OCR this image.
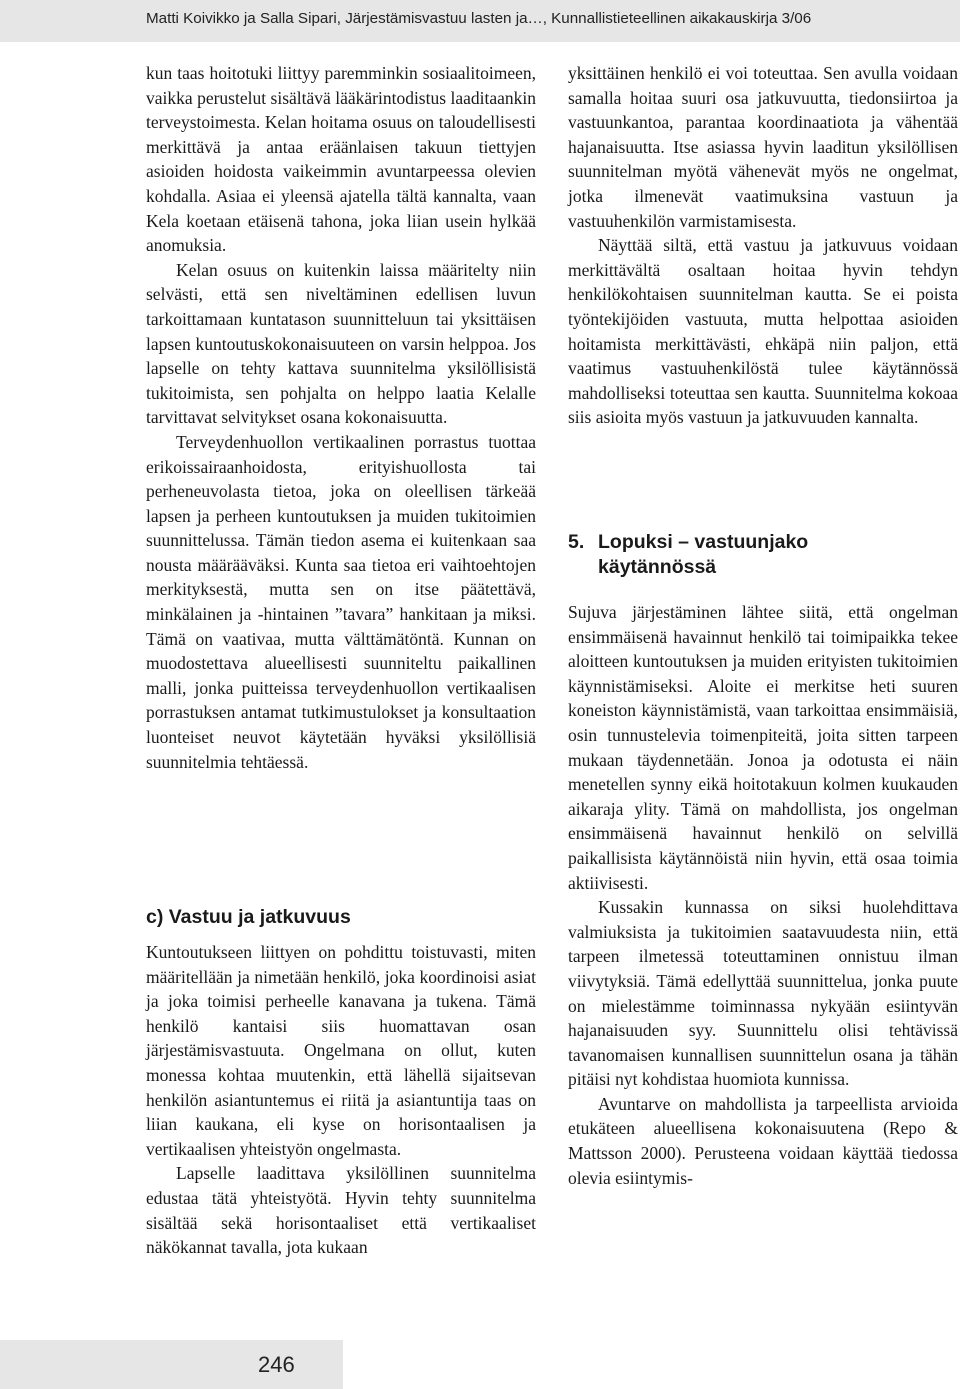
Matti Koivikko ja Salla Sipari, Järjestämisvastuu lasten ja…, Kunnallistieteellinen aikakauskirja 3/06

kun taas hoitotuki liittyy paremminkin sosiaalitoimeen, vaikka perustelut sisältävä lääkärintodistus laaditaankin terveystoimesta. Kelan hoitama osuus on taloudellisesti merkittävä ja antaa eräänlaisen takuun tiettyjen asioiden hoidosta vaikeimmin avuntarpeessa olevien kohdalla. Asiaa ei yleensä ajatella tältä kannalta, vaan Kela koetaan etäisenä tahona, joka liian usein hylkää anomuksia.

Kelan osuus on kuitenkin laissa määritelty niin selvästi, että sen niveltäminen edellisen luvun tarkoittamaan kuntatason suunnitteluun tai yksittäisen lapsen kuntoutuskokonaisuuteen on varsin helppoa. Jos lapselle on tehty kattava suunnitelma yksilöllisistä tukitoimista, sen pohjalta on helppo laatia Kelalle tarvittavat selvitykset osana kokonaisuutta.

Terveydenhuollon vertikaalinen porrastus tuottaa erikoissairaanhoidosta, erityishuollosta tai perheneuvolasta tietoa, joka on oleellisen tärkeää lapsen ja perheen kuntoutuksen ja muiden tukitoimien suunnittelussa. Tämän tiedon asema ei kuitenkaan saa nousta määrääväksi. Kunta saa tietoa eri vaihtoehtojen merkityksestä, mutta sen on itse päätettävä, minkälainen ja -hintainen ”tavara” hankitaan ja miksi. Tämä on vaativaa, mutta välttämätöntä. Kunnan on muodostettava alueellisesti suunniteltu paikallinen malli, jonka puitteissa terveydenhuollon vertikaalisen porrastuksen antamat tutkimustulokset ja konsultaation luonteiset neuvot käytetään hyväksi yksilöllisiä suunnitelmia tehtäessä.

c) Vastuu ja jatkuvuus

Kuntoutukseen liittyen on pohdittu toistuvasti, miten määritellään ja nimetään henkilö, joka koordinoisi asiat ja joka toimisi perheelle kanavana ja tukena. Tämä henkilö kantaisi siis huomattavan osan järjestämisvastuuta. Ongelmana on ollut, kuten monessa kohtaa muutenkin, että lähellä sijaitsevan henkilön asiantuntemus ei riitä ja asiantuntija taas on liian kaukana, eli kyse on horisontaalisen ja vertikaalisen yhteistyön ongelmasta.

Lapselle laadittava yksilöllinen suunnitelma edustaa tätä yhteistyötä. Hyvin tehty suunnitelma sisältää sekä horisontaaliset että vertikaaliset näkökannat tavalla, jota kukaan

yksittäinen henkilö ei voi toteuttaa. Sen avulla voidaan samalla hoitaa suuri osa jatkuvuutta, tiedonsiirtoa ja vastuunkantoa, parantaa koordinaatiota ja vähentää hajanaisuutta. Itse asiassa hyvin laaditun yksilöllisen suunnitelman myötä vähenevät myös ne ongelmat, jotka ilmenevät vaatimuksina vastuun ja vastuuhenkilön varmistamisesta.

Näyttää siltä, että vastuu ja jatkuvuus voidaan merkittävältä osaltaan hoitaa hyvin tehdyn henkilökohtaisen suunnitelman kautta. Se ei poista työntekijöiden vastuuta, mutta helpottaa asioiden hoitamista merkittävästi, ehkäpä niin paljon, että vaatimus vastuuhenkilöstä tulee käytännössä mahdolliseksi toteuttaa sen kautta. Suunnitelma kokoaa siis asioita myös vastuun ja jatkuvuuden kannalta.

5. Lopuksi – vastuunjako käytännössä

Sujuva järjestäminen lähtee siitä, että ongelman ensimmäisenä havainnut henkilö tai toimipaikka tekee aloitteen kuntoutuksen ja muiden erityisten tukitoimien käynnistämiseksi. Aloite ei merkitse heti suuren koneiston käynnistämistä, vaan tarkoittaa ensimmäisiä, osin tunnustelevia toimenpiteitä, joita sitten tarpeen mukaan täydennetään. Jonoa ja odotusta ei näin menetellen synny eikä hoitotakuun kolmen kuukauden aikaraja ylity. Tämä on mahdollista, jos ongelman ensimmäisenä havainnut henkilö on selvillä paikallisista käytännöistä niin hyvin, että osaa toimia aktiivisesti.

Kussakin kunnassa on siksi huolehdittava valmiuksista ja tukitoimien saatavuudesta niin, että tarpeen ilmetessä toteuttaminen onnistuu ilman viivytyksiä. Tämä edellyttää suunnittelua, jonka puute on mielestämme toiminnassa nykyään esiintyvän hajanaisuuden syy. Suunnittelu olisi tehtävissä tavanomaisen kunnallisen suunnittelun osana ja tähän pitäisi nyt kohdistaa huomiota kunnissa.

Avuntarve on mahdollista ja tarpeellista arvioida etukäteen alueellisena kokonaisuutena (Repo & Mattsson 2000). Perusteena voidaan käyttää tiedossa olevia esiintymis-

246
